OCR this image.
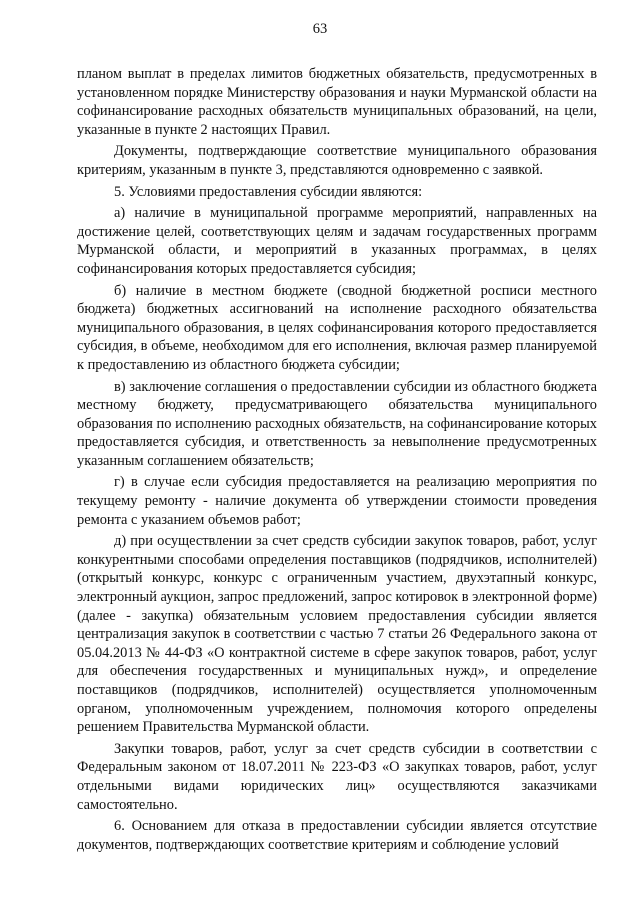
63

планом выплат в пределах лимитов бюджетных обязательств, предусмотренных в установленном порядке Министерству образования и науки Мурманской области на софинансирование расходных обязательств муниципальных образований, на цели, указанные в пункте 2 настоящих Правил.

Документы, подтверждающие соответствие муниципального образования критериям, указанным в пункте 3, представляются одновременно с заявкой.

5. Условиями предоставления субсидии являются:

а) наличие в муниципальной программе мероприятий, направленных на достижение целей, соответствующих целям и задачам государственных программ Мурманской области, и мероприятий в указанных программах, в целях софинансирования которых предоставляется субсидия;

б) наличие в местном бюджете (сводной бюджетной росписи местного бюджета) бюджетных ассигнований на исполнение расходного обязательства муниципального образования, в целях софинансирования которого предоставляется субсидия, в объеме, необходимом для его исполнения, включая размер планируемой к предоставлению из областного бюджета субсидии;

в) заключение соглашения о предоставлении субсидии из областного бюджета местному бюджету, предусматривающего обязательства муниципального образования по исполнению расходных обязательств, на софинансирование которых предоставляется субсидия, и ответственность за невыполнение предусмотренных указанным соглашением обязательств;

г) в случае если субсидия предоставляется на реализацию мероприятия по текущему ремонту - наличие документа об утверждении стоимости проведения ремонта с указанием объемов работ;

д) при осуществлении за счет средств субсидии закупок товаров, работ, услуг конкурентными способами определения поставщиков (подрядчиков, исполнителей) (открытый конкурс, конкурс с ограниченным участием, двухэтапный конкурс, электронный аукцион, запрос предложений, запрос котировок в электронной форме) (далее - закупка) обязательным условием предоставления субсидии является централизация закупок в соответствии с частью 7 статьи 26 Федерального закона от 05.04.2013 № 44-ФЗ «О контрактной системе в сфере закупок товаров, работ, услуг для обеспечения государственных и муниципальных нужд», и определение поставщиков (подрядчиков, исполнителей) осуществляется уполномоченным органом, уполномоченным учреждением, полномочия которого определены решением Правительства Мурманской области.

Закупки товаров, работ, услуг за счет средств субсидии в соответствии с Федеральным законом от 18.07.2011 № 223-ФЗ «О закупках товаров, работ, услуг отдельными видами юридических лиц» осуществляются заказчиками самостоятельно.

6. Основанием для отказа в предоставлении субсидии является отсутствие документов, подтверждающих соответствие критериям и соблюдение условий
